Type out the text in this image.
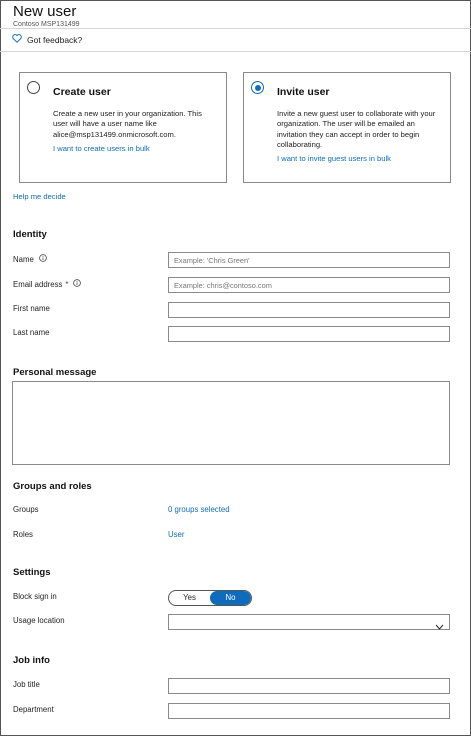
New user
Contoso MSP131499
Got feedback?
Create user
Create a new user in your organization. This user will have a user name like alice@msp131499.onmicrosoft.com.
I want to create users in bulk
Invite user
Invite a new guest user to collaborate with your organization. The user will be emailed an invitation they can accept in order to begin collaborating.
I want to invite guest users in bulk
Help me decide
Identity
Name
Example: 'Chris Green'
Email address *
Example: chris@contoso.com
First name
Last name
Personal message
Groups and roles
Groups	0 groups selected
Roles	User
Settings
Block sign in	Yes	No
Usage location
Job info
Job title
Department
